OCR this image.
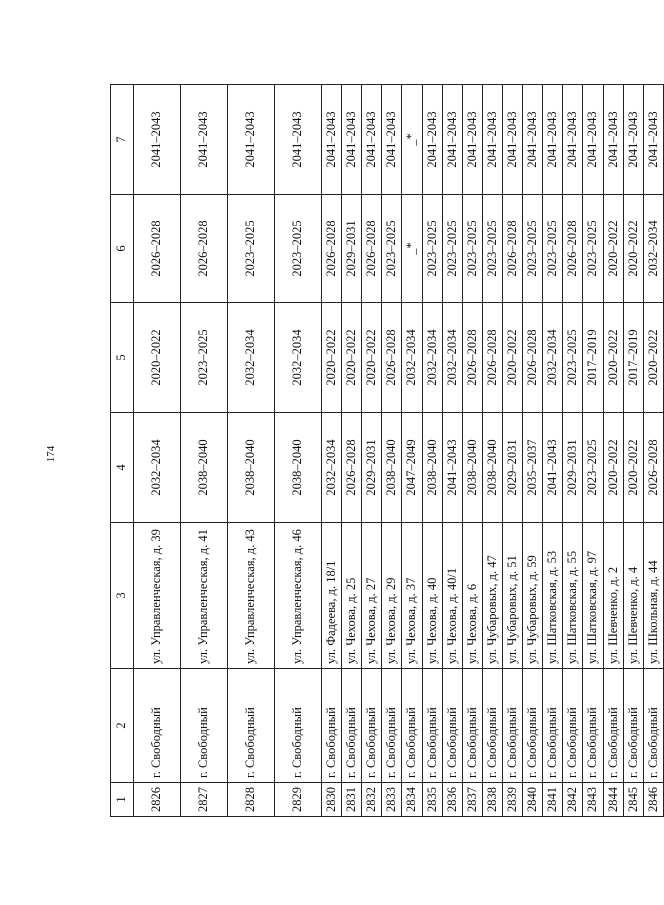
174
1	2	3	4	5	6	7
2826	г. Свободный	ул. Управленческая, д. 39	2032–2034	2020–2022	2026–2028	2041–2043
2827	г. Свободный	ул. Управленческая, д. 41	2038–2040	2023–2025	2026–2028	2041–2043
2828	г. Свободный	ул. Управленческая, д. 43	2038–2040	2032–2034	2023–2025	2041–2043
2829	г. Свободный	ул. Управленческая, д. 46	2038–2040	2032–2034	2023–2025	2041–2043
2830	г. Свободный	ул. Фадеева, д. 18/1	2032–2034	2020–2022	2026–2028	2041–2043
2831	г. Свободный	ул. Чехова, д. 25	2026–2028	2020–2022	2029–2031	2041–2043
2832	г. Свободный	ул. Чехова, д. 27	2029–2031	2020–2022	2026–2028	2041–2043
2833	г. Свободный	ул. Чехова, д. 29	2038–2040	2026–2028	2023–2025	2041–2043
2834	г. Свободный	ул. Чехова, д. 37	2047–2049	2032–2034	_*	_*
2835	г. Свободный	ул. Чехова, д. 40	2038–2040	2032–2034	2023–2025	2041–2043
2836	г. Свободный	ул. Чехова, д. 40/1	2041–2043	2032–2034	2023–2025	2041–2043
2837	г. Свободный	ул. Чехова, д. 6	2038–2040	2026–2028	2023–2025	2041–2043
2838	г. Свободный	ул. Чубаровых, д. 47	2038–2040	2026–2028	2023–2025	2041–2043
2839	г. Свободный	ул. Чубаровых, д. 51	2029–2031	2020–2022	2026–2028	2041–2043
2840	г. Свободный	ул. Чубаровых, д. 59	2035–2037	2026–2028	2023–2025	2041–2043
2841	г. Свободный	ул. Шатковская, д. 53	2041–2043	2032–2034	2023–2025	2041–2043
2842	г. Свободный	ул. Шатковская, д. 55	2029–2031	2023–2025	2026–2028	2041–2043
2843	г. Свободный	ул. Шатковская, д. 97	2023–2025	2017–2019	2023–2025	2041–2043
2844	г. Свободный	ул. Шевченко, д. 2	2020–2022	2020–2022	2020–2022	2041–2043
2845	г. Свободный	ул. Шевченко, д. 4	2020–2022	2017–2019	2020–2022	2041–2043
2846	г. Свободный	ул. Школьная, д. 44	2026–2028	2020–2022	2032–2034	2041–2043
